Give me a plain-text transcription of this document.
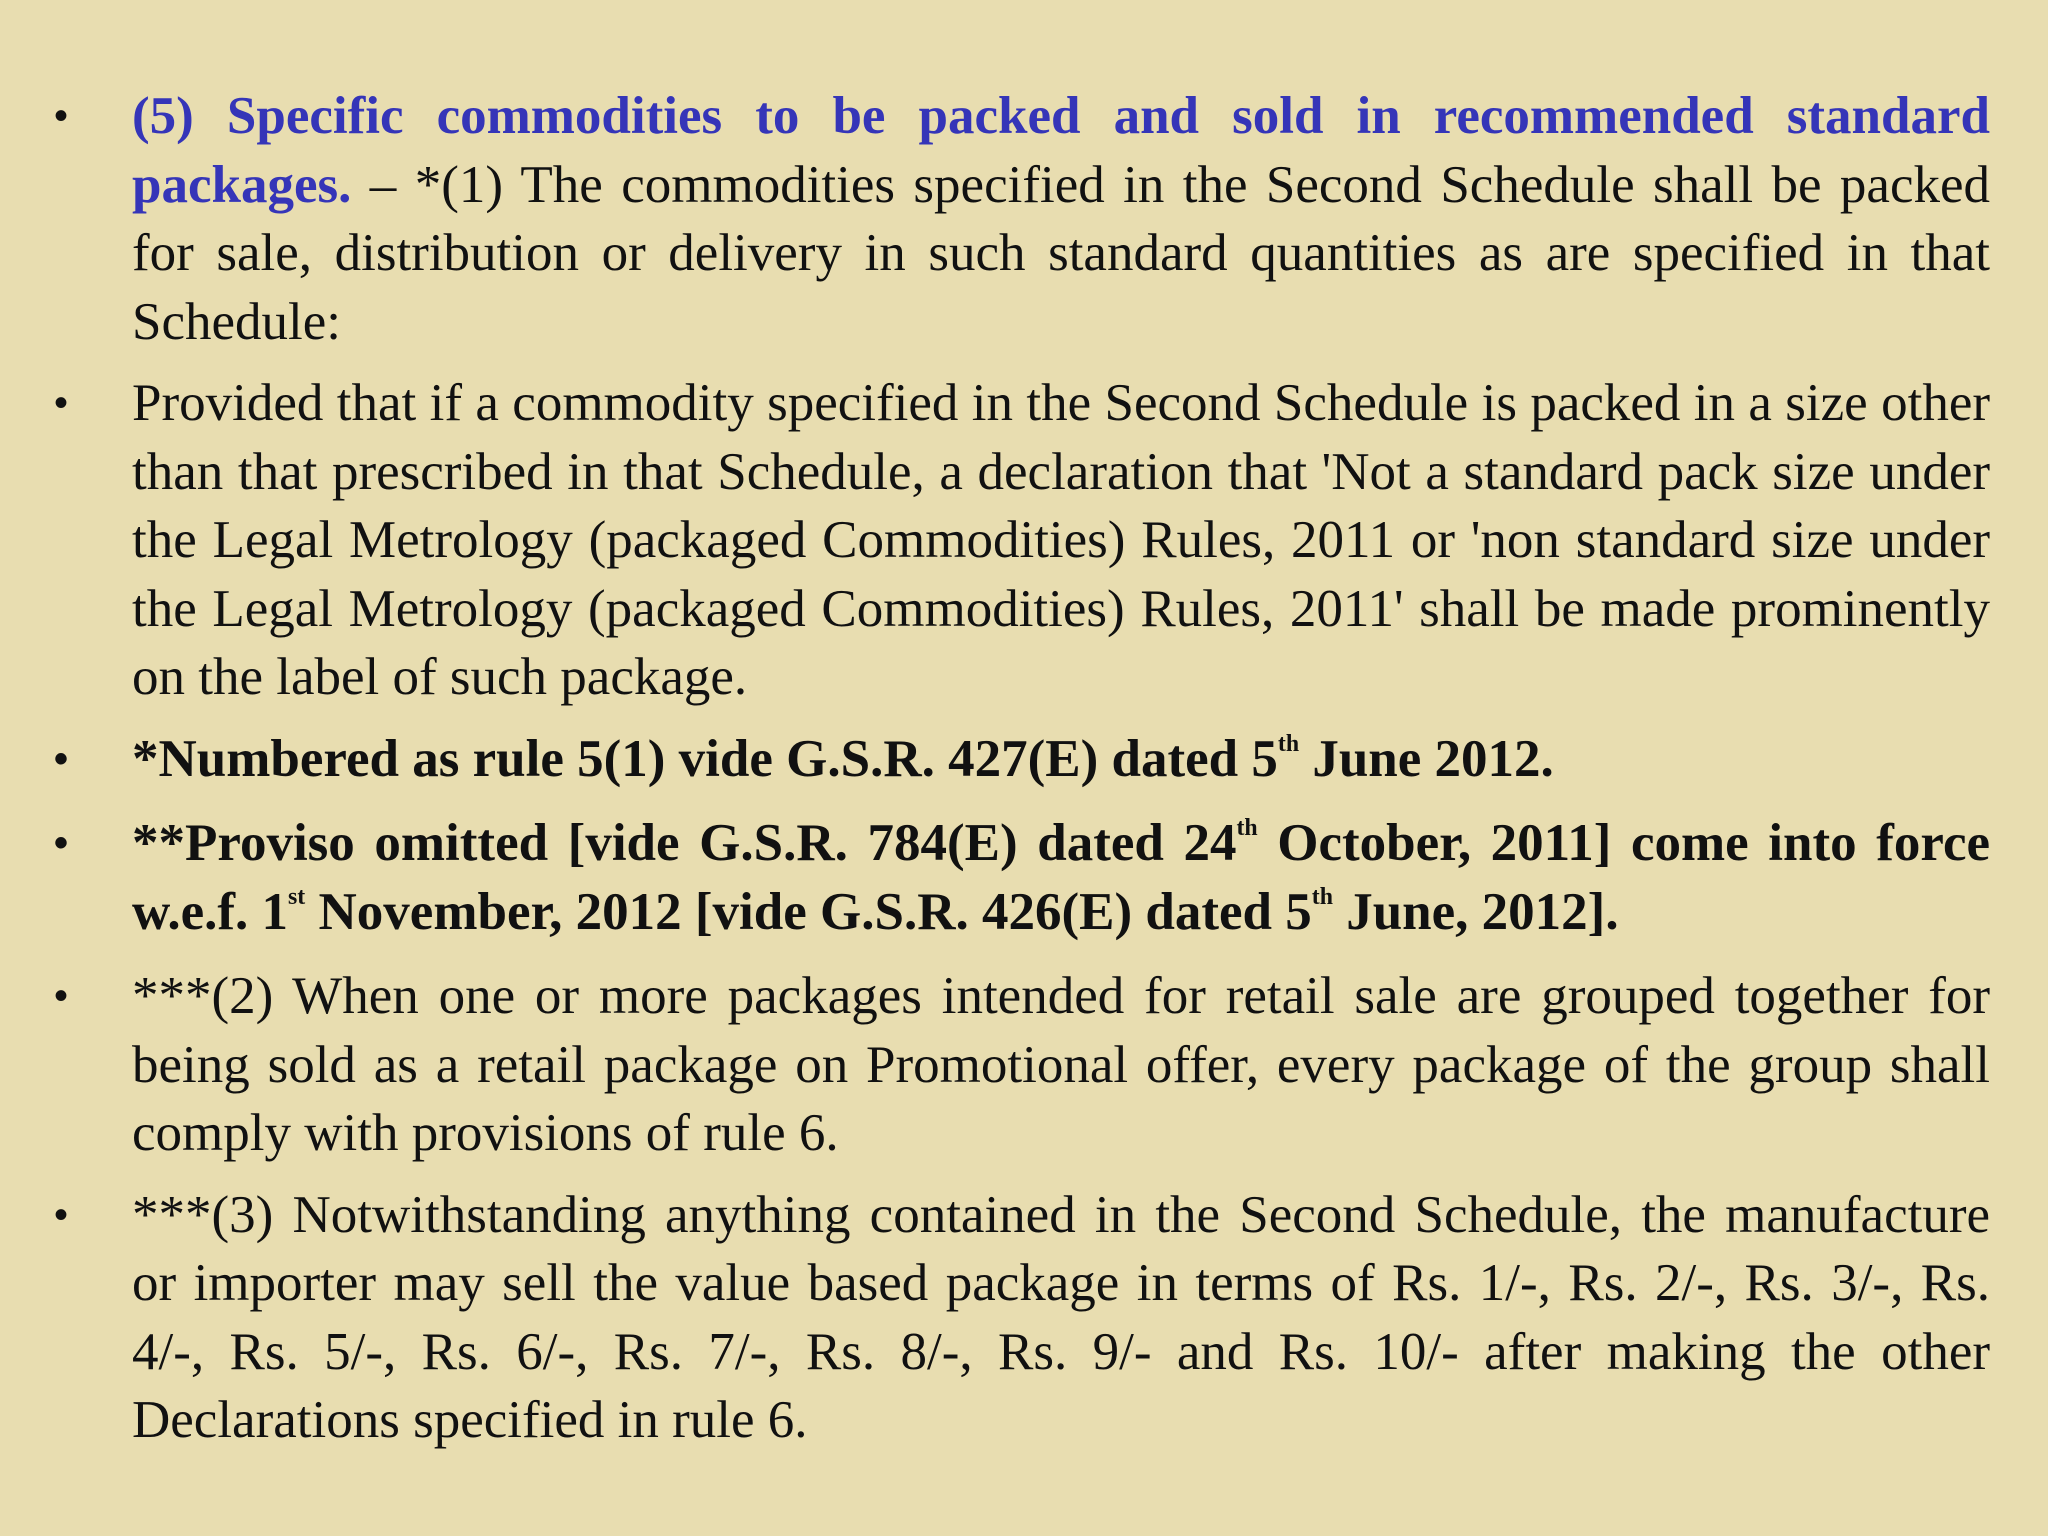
• (5) Specific commodities to be packed and sold in recommended standard packages. – *(1) The commodities specified in the Second Schedule shall be packed for sale, distribution or delivery in such standard quantities as are specified in that Schedule:
• Provided that if a commodity specified in the Second Schedule is packed in a size other than that prescribed in that Schedule, a declaration that 'Not a standard pack size under the Legal Metrology (packaged Commodities) Rules, 2011 or 'non standard size under the Legal Metrology (packaged Commodities) Rules, 2011' shall be made prominently on the label of such package.
• *Numbered as rule 5(1) vide G.S.R. 427(E) dated 5th June 2012.
• **Proviso omitted [vide G.S.R. 784(E) dated 24th October, 2011] come into force w.e.f. 1st November, 2012 [vide G.S.R. 426(E) dated 5th June, 2012].
• ***(2) When one or more packages intended for retail sale are grouped together for being sold as a retail package on Promotional offer, every package of the group shall comply with provisions of rule 6.
• ***(3) Notwithstanding anything contained in the Second Schedule, the manufacture or importer may sell the value based package in terms of Rs. 1/-, Rs. 2/-, Rs. 3/-, Rs. 4/-, Rs. 5/-, Rs. 6/-, Rs. 7/-, Rs. 8/-, Rs. 9/- and Rs. 10/- after making the other Declarations specified in rule 6.
